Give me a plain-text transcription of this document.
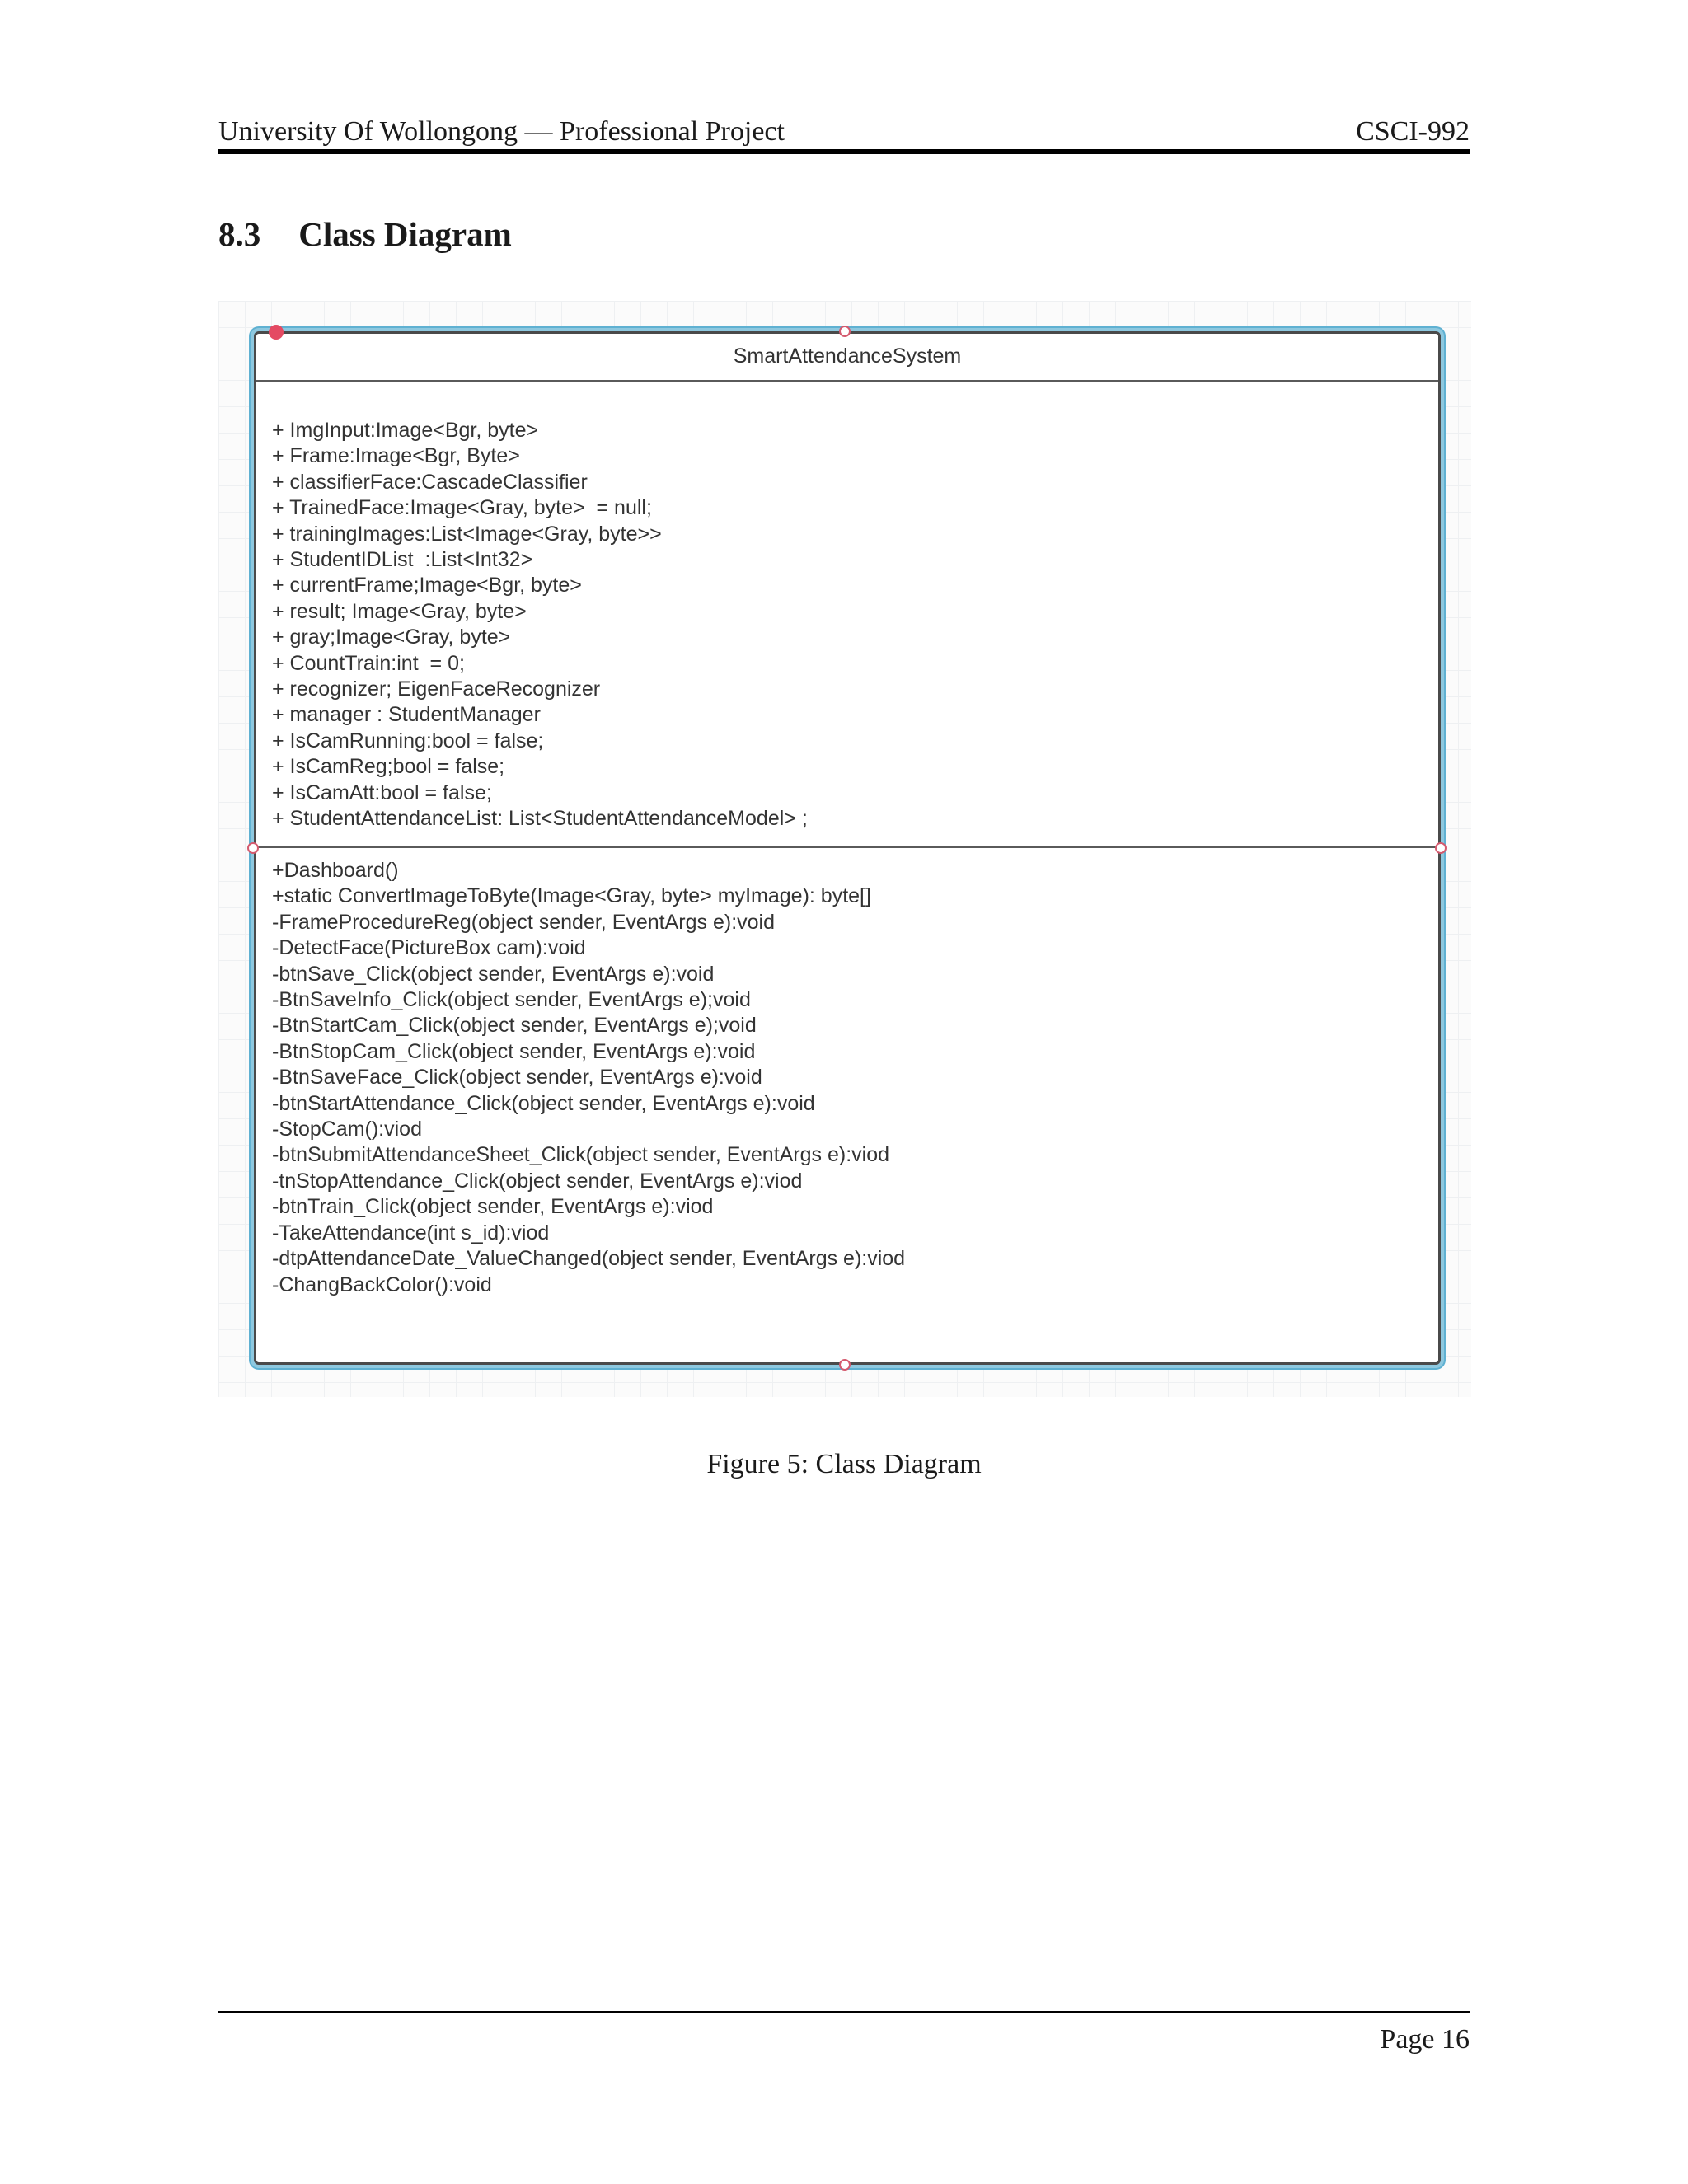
University Of Wollongong — Professional Project	CSCI-992
8.3 Class Diagram
SmartAttendanceSystem
+ ImgInput:Image<Bgr, byte>
+ Frame:Image<Bgr, Byte>
+ classifierFace:CascadeClassifier
+ TrainedFace:Image<Gray, byte>  = null;
+ trainingImages:List<Image<Gray, byte>>
+ StudentIDList  :List<Int32>
+ currentFrame;Image<Bgr, byte>
+ result; Image<Gray, byte>
+ gray;Image<Gray, byte>
+ CountTrain:int  = 0;
+ recognizer; EigenFaceRecognizer
+ manager : StudentManager
+ IsCamRunning:bool = false;
+ IsCamReg;bool = false;
+ IsCamAtt:bool = false;
+ StudentAttendanceList: List<StudentAttendanceModel> ;
+Dashboard()
+static ConvertImageToByte(Image<Gray, byte> myImage): byte[]
-FrameProcedureReg(object sender, EventArgs e):void
-DetectFace(PictureBox cam):void
-btnSave_Click(object sender, EventArgs e):void
-BtnSaveInfo_Click(object sender, EventArgs e);void
-BtnStartCam_Click(object sender, EventArgs e);void
-BtnStopCam_Click(object sender, EventArgs e):void
-BtnSaveFace_Click(object sender, EventArgs e):void
-btnStartAttendance_Click(object sender, EventArgs e):void
-StopCam():viod
-btnSubmitAttendanceSheet_Click(object sender, EventArgs e):viod
-tnStopAttendance_Click(object sender, EventArgs e):viod
-btnTrain_Click(object sender, EventArgs e):viod
-TakeAttendance(int s_id):viod
-dtpAttendanceDate_ValueChanged(object sender, EventArgs e):viod
-ChangBackColor():void
Figure 5: Class Diagram
Page 16
